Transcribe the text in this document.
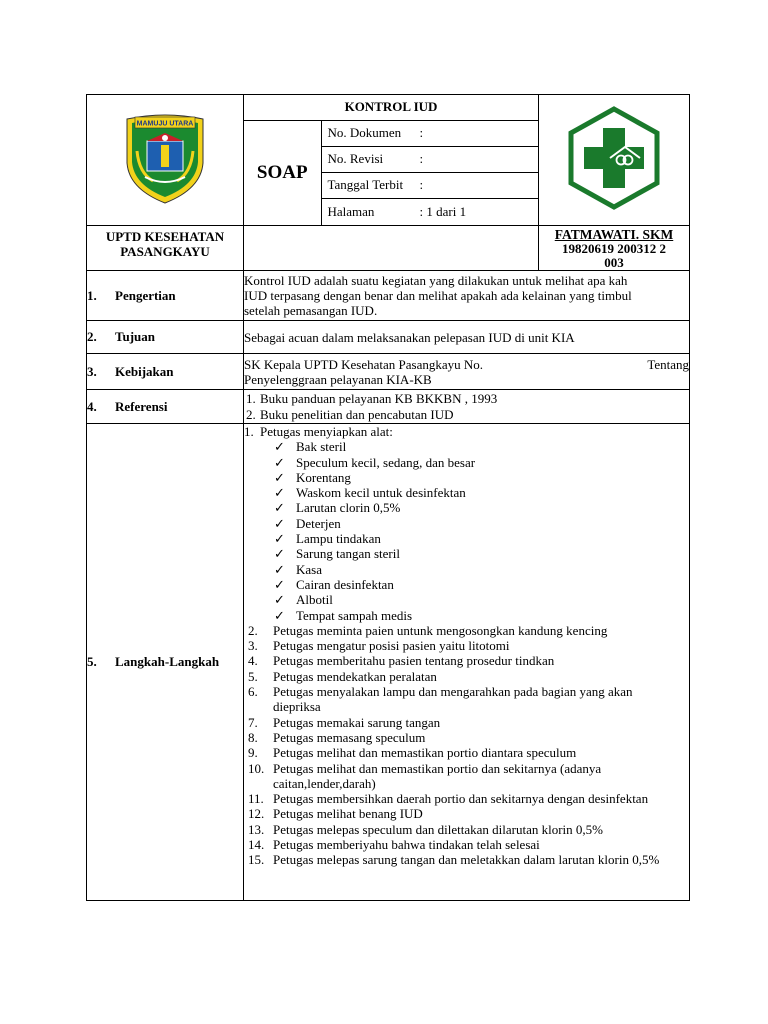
MAMUJU UTARA

KONTROL IUD
SOAP	No. Dokumen :
No. Revisi	:
Tanggal Terbit :
Halaman	: 1 dari 1

UPTD KESEHATAN
PASANGKAYU

FATMAWATI. SKM
19820619 200312 2
003

1. Pengertian	
Kontrol IUD adalah suatu kegiatan yang dilakukan untuk melihat apa kah
IUD terpasang dengan benar dan melihat apakah ada kelainan yang timbul
setelah pemasangan IUD.

2. Tujuan	Sebagai acuan dalam melaksanakan pelepasan IUD di unit KIA
3. Kebijakan	SK Kepala UPTD Kesehatan Pasangkayu No.	Tentang
Penyelenggraan pelayanan KIA-KB

4. Referensi	1. Buku panduan pelayanan KB BKKBN , 1993
2. Buku penelitian dan pencabutan IUD

5. Langkah-Langkah	
1. Petugas menyiapkan alat:
✓ Bak steril
✓ Speculum kecil, sedang, dan besar
✓ Korentang
✓ Waskom kecil untuk desinfektan
✓ Larutan clorin 0,5%
✓ Deterjen
✓ Lampu tindakan
✓ Sarung tangan steril
✓ Kasa
✓ Cairan desinfektan
✓ Albotil
✓ Tempat sampah medis
2.	Petugas meminta paien untunk mengosongkan kandung kencing
3.	Petugas mengatur posisi pasien yaitu litotomi
4.	Petugas memberitahu pasien tentang prosedur tindkan
5.	Petugas mendekatkan peralatan
6.	Petugas menyalakan lampu dan mengarahkan pada bagian yang akan diepriksa
7.	Petugas memakai sarung tangan
8.	Petugas memasang speculum
9.	Petugas melihat dan memastikan portio diantara speculum
10. Petugas melihat dan memastikan portio dan sekitarnya (adanya caitan,lender,darah)
11. Petugas membersihkan daerah portio dan sekitarnya dengan desinfektan
12. Petugas melihat benang IUD
13. Petugas melepas speculum dan dilettakan dilarutan klorin 0,5%
14. Petugas memberiyahu bahwa tindakan telah selesai
15. Petugas melepas sarung tangan dan meletakkan dalam larutan klorin 0,5%
